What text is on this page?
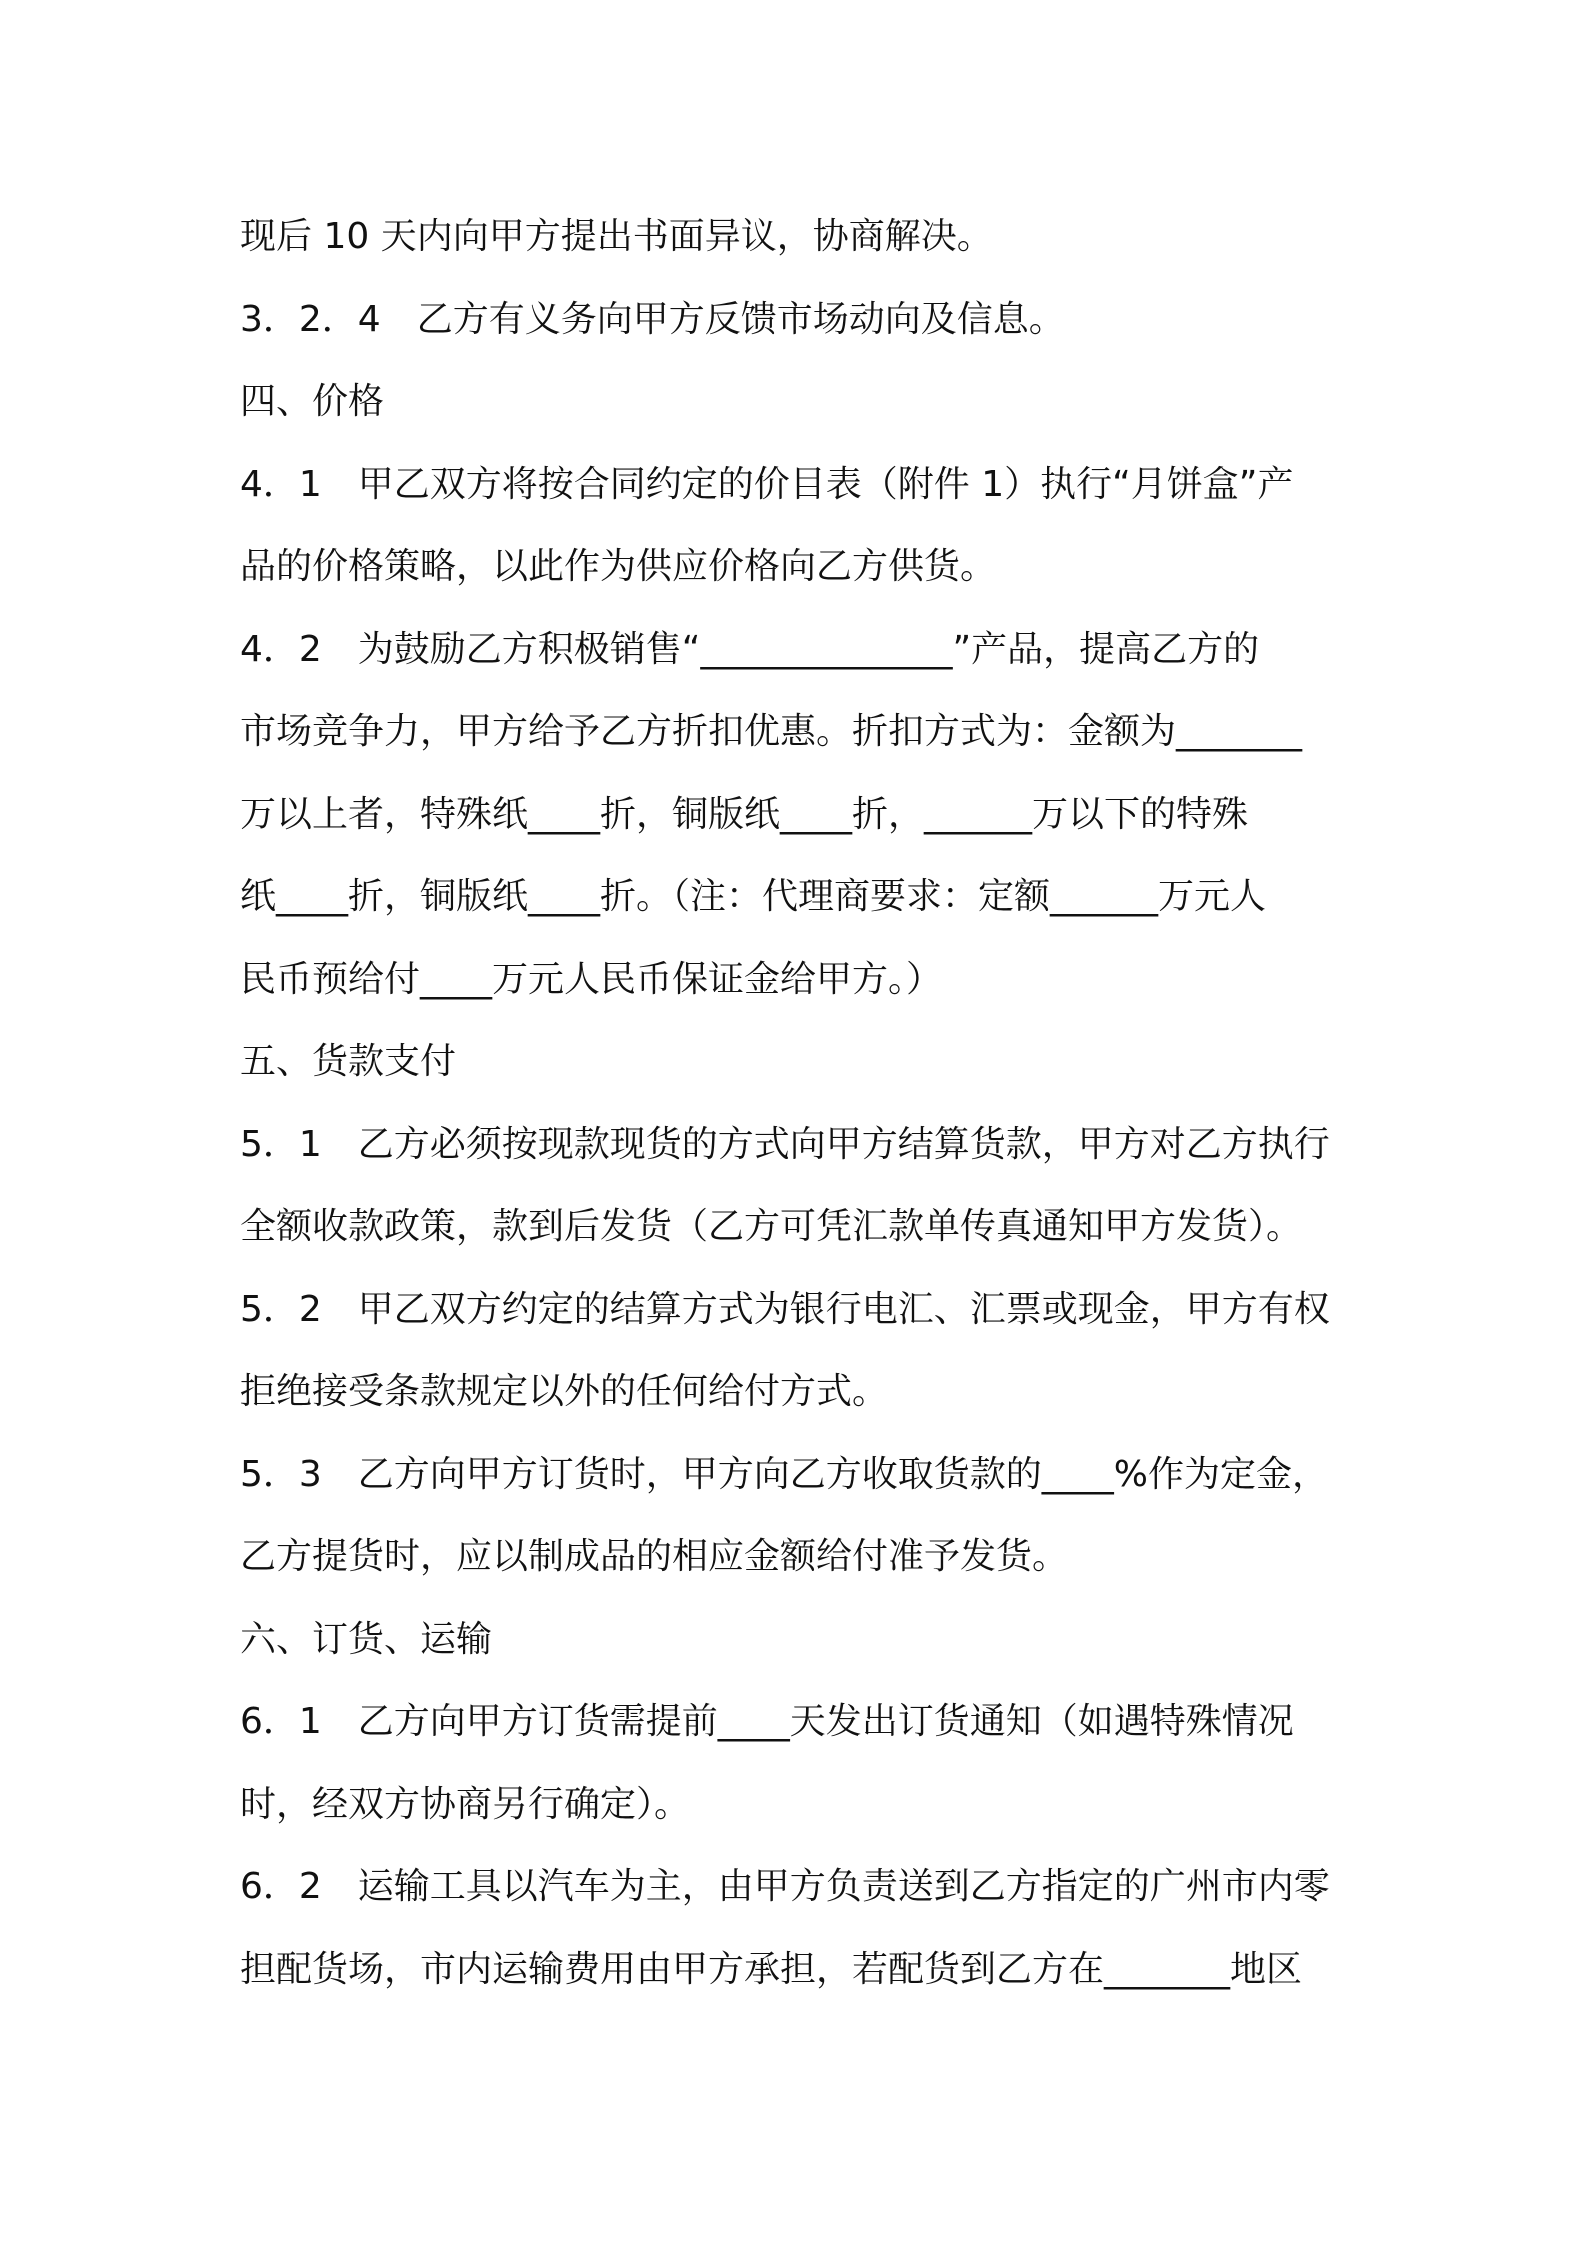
现后 10 天内向甲方提出书面异议，协商解决。
3．2．4　乙方有义务向甲方反馈市场动向及信息。
四、价格
4．1　甲乙双方将按合同约定的价目表（附件 1）执行“月饼盒”产
品的价格策略，以此作为供应价格向乙方供货。
4．2　为鼓励乙方积极销售“______________”产品，提高乙方的
市场竞争力，甲方给予乙方折扣优惠。折扣方式为：金额为_______
万以上者，特殊纸____折，铜版纸____折，______万以下的特殊
纸____折，铜版纸____折。（注：代理商要求：定额______万元人
民币预给付____万元人民币保证金给甲方。）
五、货款支付
5．1　乙方必须按现款现货的方式向甲方结算货款，甲方对乙方执行
全额收款政策，款到后发货（乙方可凭汇款单传真通知甲方发货）。
5．2　甲乙双方约定的结算方式为银行电汇、汇票或现金，甲方有权
拒绝接受条款规定以外的任何给付方式。
5．3　乙方向甲方订货时，甲方向乙方收取货款的____%作为定金，
乙方提货时，应以制成品的相应金额给付准予发货。
六、订货、运输
6．1　乙方向甲方订货需提前____天发出订货通知（如遇特殊情况
时，经双方协商另行确定）。
6．2　运输工具以汽车为主，由甲方负责送到乙方指定的广州市内零
担配货场，市内运输费用由甲方承担，若配货到乙方在_______地区
